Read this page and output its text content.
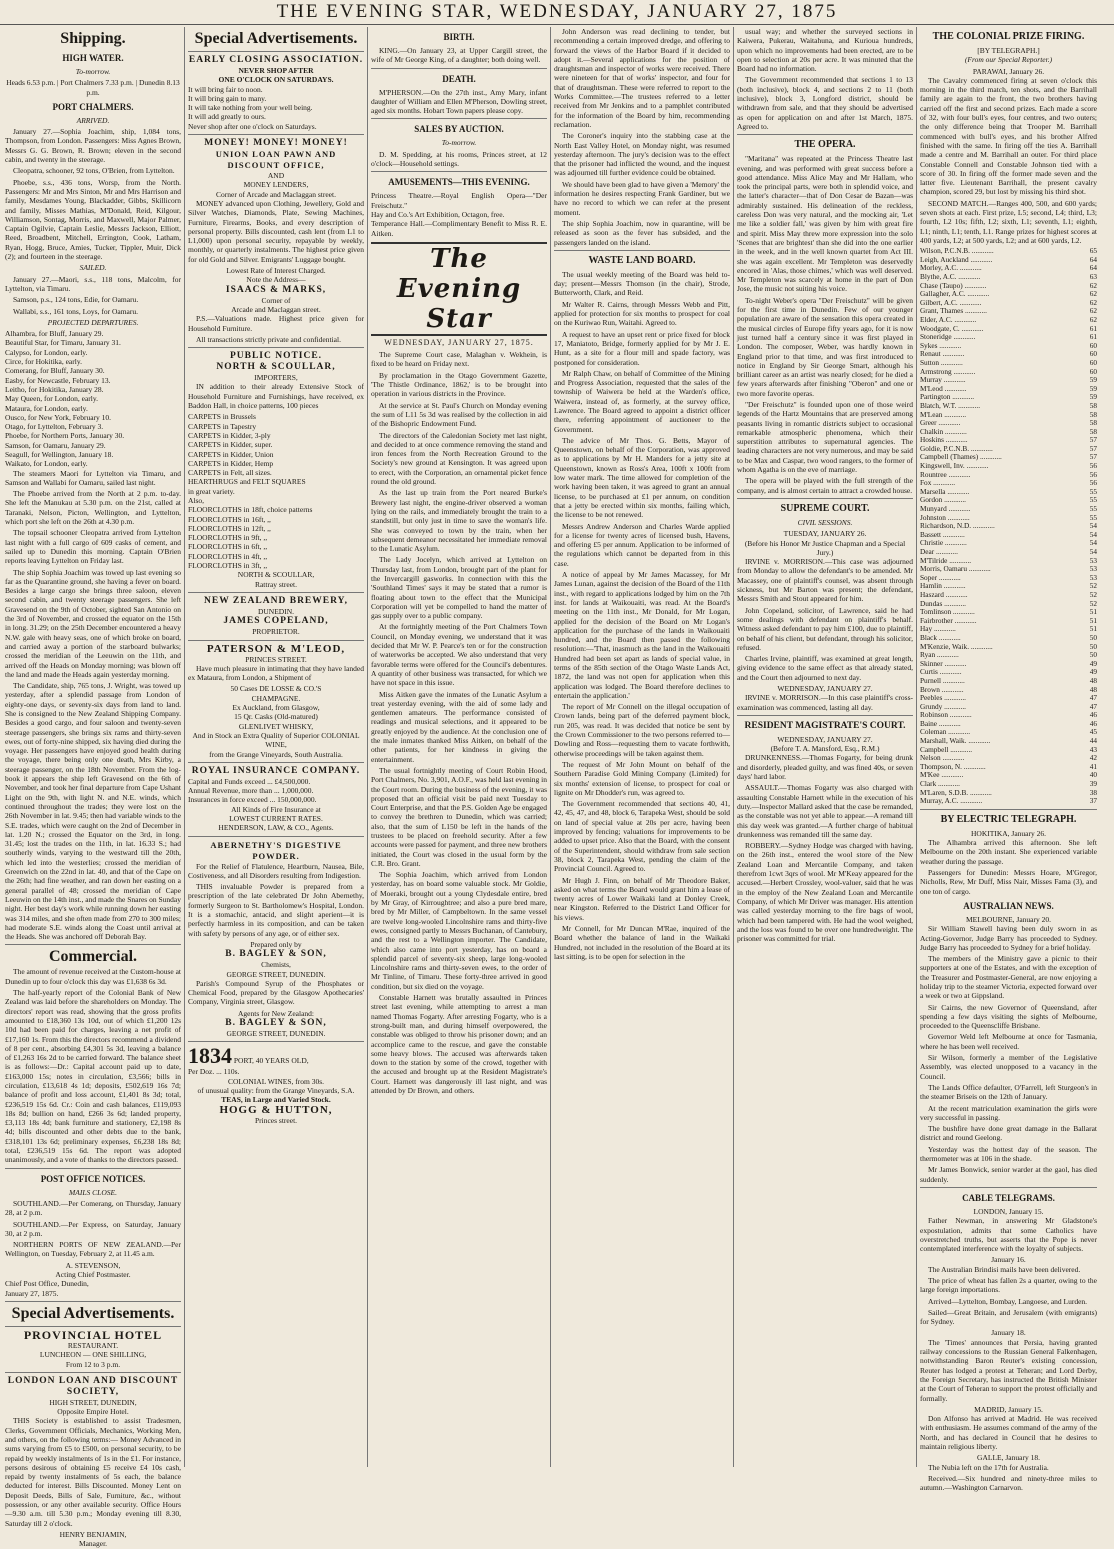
THE EVENING STAR, WEDNESDAY, JANUARY 27, 1875
Shipping.
HIGH WATER.
To-morrow.
Heads 6.53 p.m. | Port Chalmers 7.33 p.m. | Dunedin 8.13 p.m.
PORT CHALMERS.
ARRIVED.
January 27.—Sophia Joachim, ship, 1,084 tons, Thompson, from London. Passengers: Miss Agnes Brown, Messrs G. G. Brown, R. Brown; eleven in the second cabin, and twenty in the steerage.
Cleopatra, schooner, 92 tons, O'Brien, from Lyttelton.
Phoebe, s.s., 436 tons, Worsp, from the North. Passengers: Mr and Mrs Sinton, Mr and Mrs Harrison and family, Mesdames Young, Blackadder, Gibbs, Skillicorn and family, Misses Mathias, M'Donald, Reid, Kilgour, Williamson, Sontag, Morris, and Maxwell, Major Palmer, Captain Ogilvie, Captain Leslie, Messrs Jackson, Elliott, Reed, Broadbent, Mitchell, Errington, Cook, Latham, Ryan, Hogg, Bruce, Amies, Tucker, Tippler, Muir, Dick (2); and fourteen in the steerage.
SAILED.
January 27.—Maori, s.s., 118 tons, Malcolm, for Lyttelton, via Timaru.
Samson, p.s., 124 tons, Edie, for Oamaru.
Wallabi, s.s., 161 tons, Loys, for Oamaru.
PROJECTED DEPARTURES.
Alhambra, for Bluff, January 29.
Beautiful Star, for Timaru, January 31.
Calypso, for London, early.
Circe, for Hokitika, early.
Comerang, for Bluff, January 30.
Easby, for Newcastle, February 13.
Leitho, for Hokitika, January 28.
May Queen, for London, early.
Mataura, for London, early.
Ousco, for New York, February 10.
Otago, for Lyttelton, February 3.
Phoebe, for Northern Ports, January 30.
Samson, for Oamaru, January 29.
Seagull, for Wellington, January 18.
Waikato, for London, early.
The steamers Maori for Lyttelton via Timaru, and Samson and Wallabi for Oamaru, sailed last night.
The Phoebe arrived from the North at 2 p.m. to-day. She left the Manukau at 5.30 p.m. on the 21st, called at Taranaki, Nelson, Picton, Wellington, and Lyttelton, which port she left on the 26th at 4.30 p.m.
The topsail schooner Cleopatra arrived from Lyttelton last night with a full cargo of 609 casks of cement, and sailed up to Dunedin this morning. Captain O'Brien reports leaving Lyttelton on Friday last.
The ship Sophia Joachim was towed up last evening so far as the Quarantine ground, she having a fever on board. Besides a large cargo she brings three saloon, eleven second cabin, and twenty steerage passengers. She left Gravesend on the 9th of October, sighted San Antonio on the 3rd of November, and crossed the equator on the 15th in long. 31.29; on the 25th December encountered a heavy N.W. gale with heavy seas, one of which broke on board, and carried away a portion of the starboard bulwarks; crossed the meridian of the Leeuwin on the 11th, and arrived off the Heads on Monday morning; was blown off the land and made the Heads again yesterday morning.
The Candidate, ship, 765 tons, J. Wright, was towed up yesterday, after a splendid passage from London of eighty-one days, or seventy-six days from land to land. She is consigned to the New Zealand Shipping Company. Besides a good cargo, and four saloon and twenty-seven steerage passengers, she brings six rams and thirty-seven ewes, out of forty-nine shipped, six having died during the voyage. Her passengers have enjoyed good health during the voyage, there being only one death, Mrs Kirby, a steerage passenger, on the 18th November. From the log-book it appears the ship left Gravesend on the 6th of November, and took her final departure from Cape Ushant Light on the 9th, with light N. and N.E. winds, which continued throughout the trades; they were lost on the 26th November in lat. 9.45; then had variable winds to the S.E. trades, which were caught on the 2nd of December in lat. 1.20 N.; crossed the Equator on the 3rd, in long. 31.45; lost the trades on the 11th, in lat. 16.33 S.; had southerly winds, varying to the westward till the 20th, which led into the westerlies; crossed the meridian of Greenwich on the 22nd in lat. 40, and that of the Cape on the 26th; had fine weather, and ran down her easting on a general parallel of 48; crossed the meridian of Cape Leeuwin on the 14th inst., and made the Snares on Sunday night. Her best day's work while running down her easting was 314 miles, and she often made from 270 to 300 miles; had moderate S.E. winds along the Coast until arrival at the Heads. She was anchored off Deborah Bay.
Commercial.
The amount of revenue received at the Custom-house at Dunedin up to four o'clock this day was £1,638 6s 3d.
The half-yearly report of the Colonial Bank of New Zealand was laid before the shareholders on Monday. The directors' report was read, showing that the gross profits amounted to £18,360 13s 10d, out of which £1,200 12s 10d had been paid for charges, leaving a net profit of £17,160 1s. From this the directors recommend a dividend of 8 per cent., absorbing £4,301 5s 3d, leaving a balance of £1,263 16s 2d to be carried forward. The balance sheet is as follows:—Dr.: Capital account paid up to date, £163,000 15s; notes in circulation, £3,566; bills in circulation, £13,618 4s 1d; deposits, £502,619 16s 7d; balance of profit and loss account, £1,401 8s 3d; total, £236,519 15s 6d. Cr.: Coin and cash balances, £119,093 18s 8d; bullion on hand, £266 3s 6d; landed property, £3,113 18s 4d; bank furniture and stationery, £2,198 8s 4d; bills discounted and other debts due to the bank, £318,101 13s 6d; preliminary expenses, £6,238 18s 8d; total, £236,519 15s 6d. The report was adopted unanimously, and a vote of thanks to the directors passed.
POST OFFICE NOTICES.
MAILS CLOSE.
SOUTHLAND.—Per Comerang, on Thursday, January 28, at 2 p.m.
SOUTHLAND.—Per Express, on Saturday, January 30, at 2 p.m.
NORTHERN PORTS OF NEW ZEALAND.—Per Wellington, on Tuesday, February 2, at 11.45 a.m.
A. STEVENSON,
Acting Chief Postmaster.
Chief Post Office, Dunedin,
January 27, 1875.
Special Advertisements.
PROVINCIAL HOTEL
RESTAURANT.
LUNCHEON — ONE SHILLING,
From 12 to 3 p.m.
LONDON LOAN AND DISCOUNT SOCIETY,
HIGH STREET, DUNEDIN,
Opposite Empire Hotel.
THIS Society is established to assist Tradesmen, Clerks, Government Officials, Mechanics, Working Men, and others, on the following terms:— Money Advanced in sums varying from £5 to £500, on personal security, to be repaid by weekly instalments of 1s in the £1. For instance, persons desirous of obtaining £5 receive £4 10s cash, repaid by twenty instalments of 5s each, the balance deducted for interest. Bills Discounted. Money Lent on Deposit Deeds, Bills of Sale, Furniture, &c., without possession, or any other available security. Office Hours—9.30 a.m. till 5.30 p.m.; Monday evening till 8.30, Saturday till 2 o'clock.
HENRY BENJAMIN,
Manager.
Special Advertisements.
EARLY CLOSING ASSOCIATION.
NEVER SHOP AFTER
ONE O'CLOCK ON SATURDAYS.
It will bring fair to noon.
It will bring gain to many.
It will take nothing from your well being.
It will add greatly to ours.
Never shop after one o'clock on Saturdays.
MONEY! MONEY! MONEY!
UNION LOAN PAWN AND DISCOUNT OFFICE,
AND
MONEY LENDERS,
Corner of Arcade and Maclaggan street.
MONEY advanced upon Clothing, Jewellery, Gold and Silver Watches, Diamonds, Plate, Sewing Machines, Furniture, Firearms, Books, and every description of personal property. Bills discounted, cash lent (from L1 to L1,000) upon personal security, repayable by weekly, monthly, or quarterly instalments. The highest price given for old Gold and Silver. Emigrants' Luggage bought.
Lowest Rate of Interest Charged.
Note the Address—
ISAACS & MARKS,
Corner of
Arcade and Maclaggan street.
P.S.—Valuations made. Highest price given for Household Furniture.
All transactions strictly private and confidential.
PUBLIC NOTICE.
NORTH & SCOULLAR,
IMPORTERS,
IN addition to their already Extensive Stock of Household Furniture and Furnishings, have received, ex Baddon Hall, in choice patterns, 100 pieces
CARPETS in Brussels
CARPETS in Tapestry
CARPETS in Kidder, 3-ply
CARPETS in Kidder, super.
CARPETS in Kidder, Union
CARPETS in Kidder, Hemp
CARPETS in Felt, all sizes.
HEARTHRUGS and FELT SQUARES
in great variety.
Also,
FLOORCLOTHS in 18ft, choice patterns
FLOORCLOTHS in 16ft, ,,
FLOORCLOTHS in 12ft, ,,
FLOORCLOTHS in 9ft, ,,
FLOORCLOTHS in 6ft, ,,
FLOORCLOTHS in 4ft, ,,
FLOORCLOTHS in 3ft, ,,
NORTH & SCOULLAR,
Rattray street.
NEW ZEALAND BREWERY,
DUNEDIN.
JAMES COPELAND,
PROPRIETOR.
PATERSON & M'LEOD,
PRINCES STREET.
Have much pleasure in intimating that they have landed ex Mataura, from London, a Shipment of
50 Cases DE LOSSE & CO.'S
CHAMPAGNE.
Ex Auckland, from Glasgow,
15 Qr. Casks (Old-matured)
GLENLIVET WHISKY,
And in Stock an Extra Quality of Superior COLONIAL WINE,
from the Grange Vineyards, South Australia.
ROYAL INSURANCE COMPANY.
Capital and Funds exceed ... £4,500,000.
Annual Revenue, more than ... 1,000,000.
Insurances in force exceed ... 150,000,000.
All Kinds of Fire Insurance at
LOWEST CURRENT RATES.
HENDERSON, LAW, & CO., Agents.
ABERNETHY'S DIGESTIVE POWDER.
For the Relief of Flatulence, Heartburn, Nausea, Bile, Costiveness, and all Disorders resulting from Indigestion.
THIS invaluable Powder is prepared from a prescription of the late celebrated Dr John Abernethy, formerly Surgeon to St. Bartholomew's Hospital, London. It is a stomachic, antacid, and slight aperient—it is perfectly harmless in its composition, and can be taken with safety by persons of any age, or of either sex.
Prepared only by
B. BAGLEY & SON,
Chemists,
GEORGE STREET, DUNEDIN.
Parish's Compound Syrup of the Phosphates or Chemical Food, prepared by the Glasgow Apothecaries' Company, Virginia street, Glasgow.
Agents for New Zealand:
B. BAGLEY & SON,
GEORGE STREET, DUNEDIN.
1834 PORT, 40 YEARS OLD,
Per Doz. ... 110s.
COLONIAL WINES, from 30s.
of unusual quality: from the Grange Vineyards, S.A.
TEAS, in Large and Varied Stock.
HOGG & HUTTON,
Princes street.
BIRTH.
KING.—On January 23, at Upper Cargill street, the wife of Mr George King, of a daughter; both doing well.
DEATH.
M'PHERSON.—On the 27th inst., Amy Mary, infant daughter of William and Ellen M'Pherson, Dowling street, aged six months. Hobart Town papers please copy.
SALES BY AUCTION.
To-morrow.
D. M. Spedding, at his rooms, Princes street, at 12 o'clock—Household settings.
AMUSEMENTS—THIS EVENING.
Princess Theatre.—Royal English Opera—"Der Freischutz."
Hay and Co.'s Art Exhibition, Octagon, free.
Temperance Hall.—Complimentary Benefit to Miss R. E. Aitken.
The Evening Star
WEDNESDAY, JANUARY 27, 1875.
The Supreme Court case, Malaghan v. Wekhein, is fixed to be heard on Friday next.
By proclamation in the Otago Government Gazette, 'The Thistle Ordinance, 1862,' is to be brought into operation in various districts in the Province.
At the service at St. Paul's Church on Monday evening the sum of L11 5s 3d was realised by the collection in aid of the Bishopric Endowment Fund.
The directors of the Caledonian Society met last night, and decided to at once commence removing the stand and iron fences from the North Recreation Ground to the Society's new ground at Kensington. It was agreed upon to erect, with the Corporation, an ornamental picket fence round the old ground.
As the last up train from the Port neared Burke's Brewery last night, the engine-driver observed a woman lying on the rails, and immediately brought the train to a standstill, but only just in time to save the woman's life. She was conveyed to town by the train, when her subsequent demeanor necessitated her immediate removal to the Lunatic Asylum.
The Lady Jocelyn, which arrived at Lyttelton on Thursday last, from London, brought part of the plant for the Invercargill gasworks. In connection with this the 'Southland Times' says it may be stated that a rumor is floating about town to the effect that the Municipal Corporation will yet be compelled to hand the matter of gas supply over to a public company.
At the fortnightly meeting of the Port Chalmers Town Council, on Monday evening, we understand that it was decided that Mr W. P. Pearce's ten or for the construction of waterworks be accepted. We also understand that very favorable terms were offered for the Council's debentures. A quantity of other business was transacted, for which we have not space in this issue.
Miss Aitken gave the inmates of the Lunatic Asylum a treat yesterday evening, with the aid of some lady and gentlemen amateurs. The performance consisted of readings and musical selections, and it appeared to be greatly enjoyed by the audience. At the conclusion one of the male inmates thanked Miss Aitken, on behalf of the other patients, for her kindness in giving the entertainment.
The usual fortnightly meeting of Court Robin Hood, Port Chalmers, No. 3,901, A.O.F., was held last evening in the Court room. During the business of the evening, it was proposed that an official visit be paid next Tuesday to Court Enterprise, and that the P.S. Golden Age be engaged to convey the brethren to Dunedin, which was carried; also, that the sum of L150 be left in the hands of the trustees to be placed on freehold security. After a few accounts were passed for payment, and three new brothers initiated, the Court was closed in the usual form by the C.R. Bro. Grant.
The Sophia Joachim, which arrived from London yesterday, has on board some valuable stock. Mr Goldie, of Moeraki, brought out a young Clydesdale entire, bred by Mr Gray, of Kirroughtree; and also a pure bred mare, bred by Mr Miller, of Campbeltown. In the same vessel are twelve long-wooled Lincolnshire rams and thirty-five ewes, consigned partly to Messrs Buchanan, of Cantebury, and the rest to a Wellington importer. The Candidate, which also came into port yesterday, has on board a splendid parcel of seventy-six sheep, large long-wooled Lincolnshire rams and thirty-seven ewes, to the order of Mr Tinline, of Timaru. These forty-three arrived in good condition, but six died on the voyage.
Constable Harnett was brutally assaulted in Princes street last evening, while attempting to arrest a man named Thomas Fogarty. After arresting Fogarty, who is a strong-built man, and during himself overpowered, the constable was obliged to throw his prisoner down; and an accomplice came to the rescue, and gave the constable some heavy blows. The accused was afterwards taken down to the station by some of the crowd, together with the accused and brought up at the Resident Magistrate's Court. Harnett was dangerously ill last night, and was attended by Dr Brown, and others.
John Anderson was read declining to tender, but recommending a certain improved dredge, and offering to forward the views of the Harbor Board if it decided to adopt it.—Several applications for the position of draughtsman and inspector of works were received. There were nineteen for that of works' inspector, and four for that of draughtsman. These were referred to report to the Works Committee.—The trustees referred to a letter received from Mr Jenkins and to a pamphlet contributed for the information of the Board by him, recommending reclamation.
The Coroner's inquiry into the stabbing case at the North East Valley Hotel, on Monday night, was resumed yesterday afternoon. The jury's decision was to the effect that the prisoner had inflicted the wound, and the inquest was adjourned till further evidence could be obtained.
We should have been glad to have given a 'Memory' the information he desires respecting Frank Gardiner, but we have no record to which we can refer at the present moment.
The ship Sophia Joachim, now in quarantine, will be released as soon as the fever has subsided, and the passengers landed on the island.
WASTE LAND BOARD.
The usual weekly meeting of the Board was held to-day; present—Messrs Thomson (in the chair), Strode, Butterworth, Clark, and Reid.
Mr Walter R. Cairns, through Messrs Webb and Pitt, applied for protection for six months to prospect for coal on the Kuriwao Run, Waitahi. Agreed to.
A request to have an upset rent or price fixed for block 17, Maniatoto, Bridge, formerly applied for by Mr J. E. Hunt, as a site for a flour mill and spade factory, was postponed for consideration.
Mr Ralph Chaw, on behalf of Committee of the Mining and Progress Association, requested that the sales of the township of Waiwera be held at the Warden's office, Waiwera, instead of, as formerly, at the survey office, Lawrence. The Board agreed to appoint a district officer there, referring appointment of auctioneer to the Government.
The advice of Mr Thos. G. Betts, Mayor of Queenstown, on behalf of the Corporation, was approved as to applications by Mr H. Manders for a jetty site at Queenstown, known as Ross's Area, 100ft x 100ft from low water mark. The time allowed for completion of the work having been taken, it was agreed to grant an annual license, to be purchased at £1 per annum, on condition that a jetty be erected within six months, failing which, the license to be not renewed.
Messrs Andrew Anderson and Charles Warde applied for a license for twenty acres of licensed bush, Havens, and offering £5 per annum. Application to be informed of the regulations which cannot be departed from in this case.
A notice of appeal by Mr James Macassey, for Mr James Lunan, against the decision of the Board of the 11th inst., with regard to applications lodged by him on the 7th inst. for lands at Waikouaiti, was read. At the Board's meeting on the 11th inst., Mr Donald, for Mr Logan, applied for the decision of the Board on Mr Logan's application for the purchase of the lands in Waikouaiti hundred, and the Board then passed the following resolution:—'That, inasmuch as the land in the Waikouaiti Hundred had been set apart as lands of special value, in terms of the 85th section of the Otago Waste Lands Act, 1872, the land was not open for application when this application was lodged. The Board therefore declines to entertain the application.'
The report of Mr Connell on the illegal occupation of Crown lands, being part of the deferred payment block, run 205, was read. It was decided that notice be sent by the Crown Commissioner to the two persons referred to—Dowling and Ross—requesting them to vacate forthwith, otherwise proceedings will be taken against them.
The request of Mr John Mount on behalf of the Southern Paradise Gold Mining Company (Limited) for six months' extension of license, to prospect for coal or lignite on Mr Dhodder's run, was agreed to.
The Government recommended that sections 40, 41, 42, 45, 47, and 48, block 6, Tarapeka West, should be sold on land of special value at 20s per acre, having been improved by fencing; valuations for improvements to be added to upset price. Also that the Board, with the consent of the Superintendent, should withdraw from sale section 38, block 2, Tarapeka West, pending the claim of the Provincial Council. Agreed to.
Mr Hugh J. Finn, on behalf of Mr Theodore Baker, asked on what terms the Board would grant him a lease of twenty acres of Lower Waikaki land at Donley Creek, near Kingston. Referred to the District Land Officer for his views.
Mr Connell, for Mr Duncan M'Rae, inquired of the Board whether the balance of land in the Waikaki Hundred, not included in the resolution of the Board at its last sitting, is to be open for selection in the
usual way; and whether the surveyed sections in Kaiwera, Pukerau, Waitahuna, and Kurioua hundreds, upon which no improvements had been erected, are to be open to selection at 20s per acre. It was minuted that the Board had no information.
The Government recommended that sections 1 to 13 (both inclusive), block 4, and sections 2 to 11 (both inclusive), block 3, Longford district, should be withdrawn from sale, and that they should be advertised as open for application on and after 1st March, 1875. Agreed to.
THE OPERA.
"Maritana" was repeated at the Princess Theatre last evening, and was performed with great success before a good attendance. Miss Alice May and Mr Hallam, who took the principal parts, were both in splendid voice, and the latter's character—that of Don Cesar de Bazan—was admirably sustained. His delineation of the reckless, careless Don was very natural, and the mocking air, 'Let me like a soldier fall,' was given by him with great fire and spirit. Miss May threw more expression into the solo 'Scenes that are brightest' than she did into the one earlier in the week, and in the well known quartet from Act III. she was again excellent. Mr Templeton was deservedly encored in 'Alas, those chimes,' which was well deserved. Mr Templeton was scarcely at home in the part of Don Jose, the music not suiting his voice.
To-night Weber's opera "Der Freischutz" will be given for the first time in Dunedin. Few of our younger population are aware of the sensation this opera created in the musical circles of Europe fifty years ago, for it is now just turned half a century since it was first played in London. The composer, Weber, was hardly known in England prior to that time, and was first introduced to notice in England by Sir George Smart, although his brilliant career as an artist was nearly closed; for he died a few years afterwards after finishing "Oberon" and one or two more favorite operas.
"Der Freischutz" is founded upon one of those weird legends of the Hartz Mountains that are preserved among peasants living in romantic districts subject to occasional remarkable atmospheric phenomena, which their superstition attributes to supernatural agencies. The leading characters are not very numerous, and may be said to be Max and Caspar, two wood rangers, to the former of whom Agatha is on the eve of marriage.
The opera will be played with the full strength of the company, and is almost certain to attract a crowded house.
SUPREME COURT.
CIVIL SESSIONS.
TUESDAY, JANUARY 26.
(Before his Honor Mr Justice Chapman and a Special Jury.)
IRVINE v. MORRISON.—This case was adjourned from Monday to allow the defendant's to be amended. Mr Macassey, one of plaintiff's counsel, was absent through sickness, but Mr Barton was present; the defendant, Messrs Smith and Stout appeared for him.
John Copeland, solicitor, of Lawrence, said he had some dealings with defendant on plaintiff's behalf. Witness asked defendant to pay him £100, due to plaintiff, on behalf of his client, but defendant, through his solicitor, refused.
Charles Irvine, plaintiff, was examined at great length, giving evidence to the same effect as that already stated, and the Court then adjourned to next day.
WEDNESDAY, JANUARY 27.
IRVINE v. MORRISON.—In this case plaintiff's cross-examination was commenced, lasting all day.
RESIDENT MAGISTRATE'S COURT.
WEDNESDAY, JANUARY 27.
(Before T. A. Mansford, Esq., R.M.)
DRUNKENNESS.—Thomas Fogarty, for being drunk and disorderly, pleaded guilty, and was fined 40s, or seven days' hard labor.
ASSAULT.—Thomas Fogarty was also charged with assaulting Constable Harnett while in the execution of his duty.—Inspector Mallard asked that the case be remanded, as the constable was not yet able to appear.—A remand till this day week was granted.—A further charge of habitual drunkenness was remanded till the same day.
ROBBERY.—Sydney Hodge was charged with having, on the 26th inst., entered the wool store of the New Zealand Loan and Mercantile Company, and taken therefrom 1cwt 3qrs of wool. Mr M'Keay appeared for the accused.—Herbert Crossley, wool-valuer, said that he was in the employ of the New Zealand Loan and Mercantile Company, of which Mr Driver was manager. His attention was called yesterday morning to the fire bags of wool, which had been tampered with. He had the wool weighed, and the loss was found to be over one hundredweight. The prisoner was committed for trial.
THE COLONIAL PRIZE FIRING.
[BY TELEGRAPH.]
(From our Special Reporter.)
PARAWAI, January 26.
The Cavalry commenced firing at seven o'clock this morning in the third match, ten shots, and the Barrihall family are again to the front, the two brothers having carried off the first and second prizes. Each made a score of 32, with four bull's eyes, four centres, and two outers; the only difference being that Trooper M. Barrihall commenced with bull's eyes, and his brother Alfred finished with the same. In firing off the ties A. Barrihall made a centre and M. Barrihall an outer. For third place Constable Connell and Constable Johnson tied with a score of 30. In firing off the former made seven and the latter five. Lieutenant Barrihall, the present cavalry champion, scored 29, but lost by missing his third shot.
SECOND MATCH.—Ranges 400, 500, and 600 yards; seven shots at each. First prize, L5; second, L4; third, L3; fourth, L2 10s; fifth, L2; sixth, L1; seventh, L1; eighth, L1; ninth, L1; tenth, L1. Range prizes for highest scores at 400 yards, L2; at 500 yards, L2; and at 600 yards, L2.
Wilson, P.C.N.B. ............	65
Leigh, Auckland ............	64
Morley, A.C. ............	64
Blythe, A.C. ............	63
Chase (Taupo) ............	62
Gallagher, A.C. ............	62
Gilbert, A.C. ............	62
Grant, Thames ............	62
Elder, A.C. ............	62
Woodgate, C. ............	61
Stoneridge ............	61
Sykes ............	60
Renaut ............	60
Sutton ............	60
Armstrong ............	60
Murray ............	59
M'Leod ............	59
Partington ............	59
Blatch, W.T. ............	58
M'Lean ............	58
Greer ............	58
Chalkin ............	58
Hoskins ............	57
Goldie, P.C.N.B. ............	57
Campbell (Thames) ............	57
Kingswell, Inv. ............	56
Rountree ............	56
Fox ............	56
Marsella ............	55
Gordon ............	55
Munyard ............	55
Johnston ............	55
Richardson, N.D. ............	54
Bassett ............	54
Christie ............	54
Dear ............	54
M'Tilride ............	53
Morris, Oamaru ............	53
Soper ............	53
Hamlin ............	52
Haszard ............	52
Dundas ............	52
Tomlinson ............	51
Fairbrother ............	51
Hay ............	51
Black ............	50
M'Kenzie, Waik. ............	50
Ryan ............	50
Skinner ............	49
Curtis ............	49
Purnell ............	48
Brown ............	48
Peebles ............	47
Grundy ............	47
Robinson ............	46
Baine ............	46
Coleman ............	45
Marshall, Waik. ............	44
Campbell ............	43
Nelson ............	42
Thompson, N. ............	41
M'Kee ............	40
Clark ............	39
M'Laren, S.D.B. ............	38
Murray, A.C. ............	37
BY ELECTRIC TELEGRAPH.
HOKITIKA, January 26.
The Alhambra arrived this afternoon. She left Melbourne on the 20th instant. She experienced variable weather during the passage.
Passengers for Dunedin: Messrs Hoare, M'Gregor, Nicholls, Rew, Mr Duff, Miss Nair, Misses Fama (3), and one ton of cargo.
AUSTRALIAN NEWS.
MELBOURNE, January 20.
Sir William Stawell having been duly sworn in as Acting-Governor, Judge Barry has proceeded to Sydney. Judge Barry has proceeded to Sydney for a brief holiday.
The members of the Ministry gave a picnic to their supporters at one of the Estates, and with the exception of the Treasurer and Postmaster-General, are now enjoying a holiday trip to the steamer Victoria, expected forward over a week or two at Gippsland.
Sir Cairns, the new Governor of Queensland, after spending a few days visiting the sights of Melbourne, proceeded to the Queenscliffe Brisbane.
Governor Weld left Melbourne at once for Tasmania, where he has been well received.
Sir Wilson, formerly a member of the Legislative Assembly, was elected unopposed to a vacancy in the Council.
The Lands Office defaulter, O'Farrell, left Sturgeon's in the steamer Briseis on the 12th of January.
At the recent matriculation examination the girls were very successful in passing.
The bushfire have done great damage in the Ballarat district and round Geelong.
Yesterday was the hottest day of the season. The thermometer was at 106 in the shade.
Mr James Bonwick, senior warder at the gaol, has died suddenly.
CABLE TELEGRAMS.
LONDON, January 15.
Father Newman, in answering Mr Gladstone's expostulation, admits that some Catholics have overstretched truths, but asserts that the Pope is never contemplated interference with the loyalty of subjects.
January 16.
The Australian Brindisi mails have been delivered.
The price of wheat has fallen 2s a quarter, owing to the large foreign importations.
Arrived—Lyttelton, Bombay, Langoese, and Lurden.
Sailed—Great Britain, and Jerusalem (with emigrants) for Sydney.
January 18.
The 'Times' announces that Persia, having granted railway concessions to the Russian General Falkenhagen, notwithstanding Baron Reuter's existing concession, Reuter has lodged a protest at Teheran; and Lord Derby, the Foreign Secretary, has instructed the British Minister at the Court of Teheran to support the protest officially and formally.
MADRID, January 15.
Don Alfonso has arrived at Madrid. He was received with enthusiasm. He assumes command of the army of the North, and has declared in Council that he desires to maintain religious liberty.
GALLE, January 18.
The Nubia left on the 17th for Australia.
Received.—Six hundred and ninety-three miles to autumn.—Washington Carnarvon.
